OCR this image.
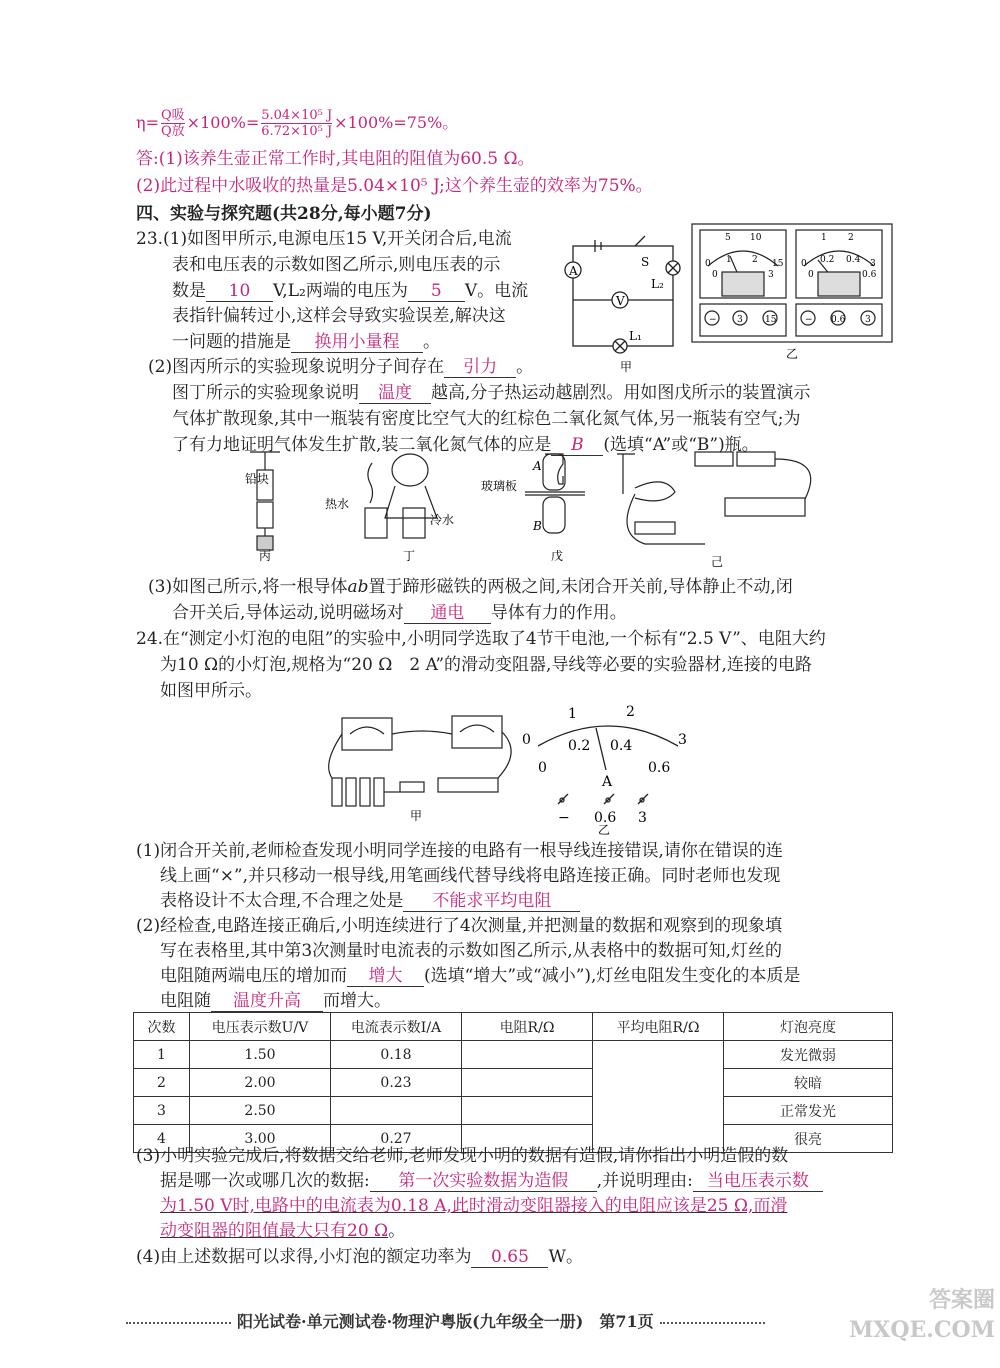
$\eta= \frac{\text{Q吸}}{\text{Q放}} \times 100\%= \frac{\text{5.04×10⁵ J}}{\text{6.72×10⁵ J}} \times 100\%=75\%$。
答:(1)该养生壶正常工作时,其电阻的阻值为60.5 Ω。
(2)此过程中水吸收的热量是5.04×10⁵ J;这个养生壶的效率为75%。
四、实验与探究题(共28分,每小题7分)
23.(1)如图甲所示,电源电压15 V,开关闭合后,电流
表和电压表的示数如图乙所示,则电压表的示
数是 10 V,L₂两端的电压为 5 V。电流
表指针偏转过小,这样会导致实验误差,解决这
一问题的措施是 换用小量程 。
(2)图丙所示的实验现象说明分子间存在 引力 。
图丁所示的实验现象说明 温度 越高,分子热运动越剧烈。用如图戊所示的装置演示
气体扩散现象,其中一瓶装有密度比空气大的红棕色二氧化氮气体,另一瓶装有空气;为
了有力地证明气体发生扩散,装二氧化氮气体的应是 B (选填“A”或“B”)瓶。
A
V
S
L₂
L₁
甲
0
5 10
15
0
1 2
3
− 3 15
0
1 2
3
0
0.2 0.4
0.6
− 0.6 3
乙
铅块
热水
冷水
玻璃板
A
B
丙	丁	戊	己
(3)如图己所示,将一根导体ab置于蹄形磁铁的两极之间,未闭合开关前,导体静止不动,闭
合开关后,导体运动,说明磁场对 通电 导体有力的作用。
24.在“测定小灯泡的电阻”的实验中,小明同学选取了4节干电池,一个标有“2.5 V”、电阻大约
为10 Ω的小灯泡,规格为“20 Ω　2 A”的滑动变阻器,导线等必要的实验器材,连接的电路
如图甲所示。
甲
0
1	2
3
0
0.2 0.4
0.6
A
− 0.6 3
乙
(1)闭合开关前,老师检查发现小明同学连接的电路有一根导线连接错误,请你在错误的连
线上画“×”,并只移动一根导线,用笔画线代替导线将电路连接正确。同时老师也发现
表格设计不太合理,不合理之处是 不能求平均电阻
(2)经检查,电路连接正确后,小明连续进行了4次测量,并把测量的数据和观察到的现象填
写在表格里,其中第3次测量时电流表的示数如图乙所示,从表格中的数据可知,灯丝的
电阻随两端电压的增加而 增大 (选填“增大”或“减小”),灯丝电阻发生变化的本质是
电阻随 温度升高 而增大。
次数	电压表示数U/V	电流表示数I/A	电阻R/Ω	平均电阻R/Ω	灯泡亮度
1	1.50	0.18			发光微弱
2	2.00	0.23			较暗
3	2.50				正常发光
4	3.00	0.27			很亮
(3)小明实验完成后,将数据交给老师,老师发现小明的数据有造假,请你指出小明造假的数
据是哪一次或哪几次的数据: 第一次实验数据为造假 ,并说明理由: 当电压表示数
为1.50 V时,电路中的电流表为0.18 A,此时滑动变阻器接入的电阻应该是25 Ω,而滑
动变阻器的阻值最大只有20 Ω。
(4)由上述数据可以求得,小灯泡的额定功率为 0.65 W。
阳光试卷·单元测试卷·物理沪粤版(九年级全一册)　 第71页
答案圈 MXQE.COM
